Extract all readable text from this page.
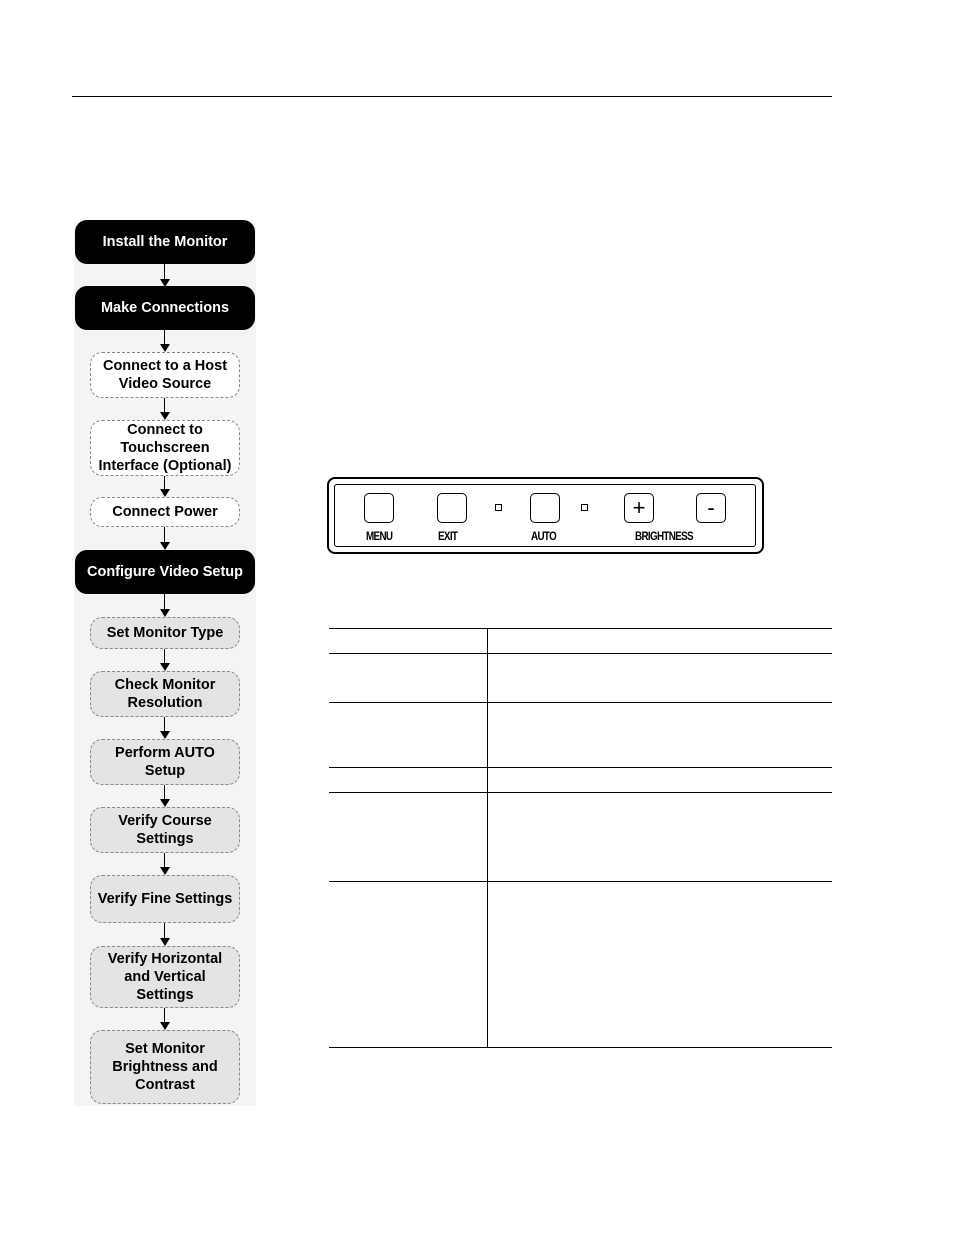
Install the Monitor
Make Connections
Connect to a Host
Video Source
Connect to
Touchscreen
Interface (Optional)
Connect Power
Configure Video Setup
Set Monitor Type
Check Monitor
Resolution
Perform AUTO
Setup
Verify Course
Settings
Verify Fine Settings
Verify Horizontal
and Vertical
Settings
Set Monitor
Brightness and
Contrast
MENU	EXIT	AUTO
+	-
BRIGHTNESS
